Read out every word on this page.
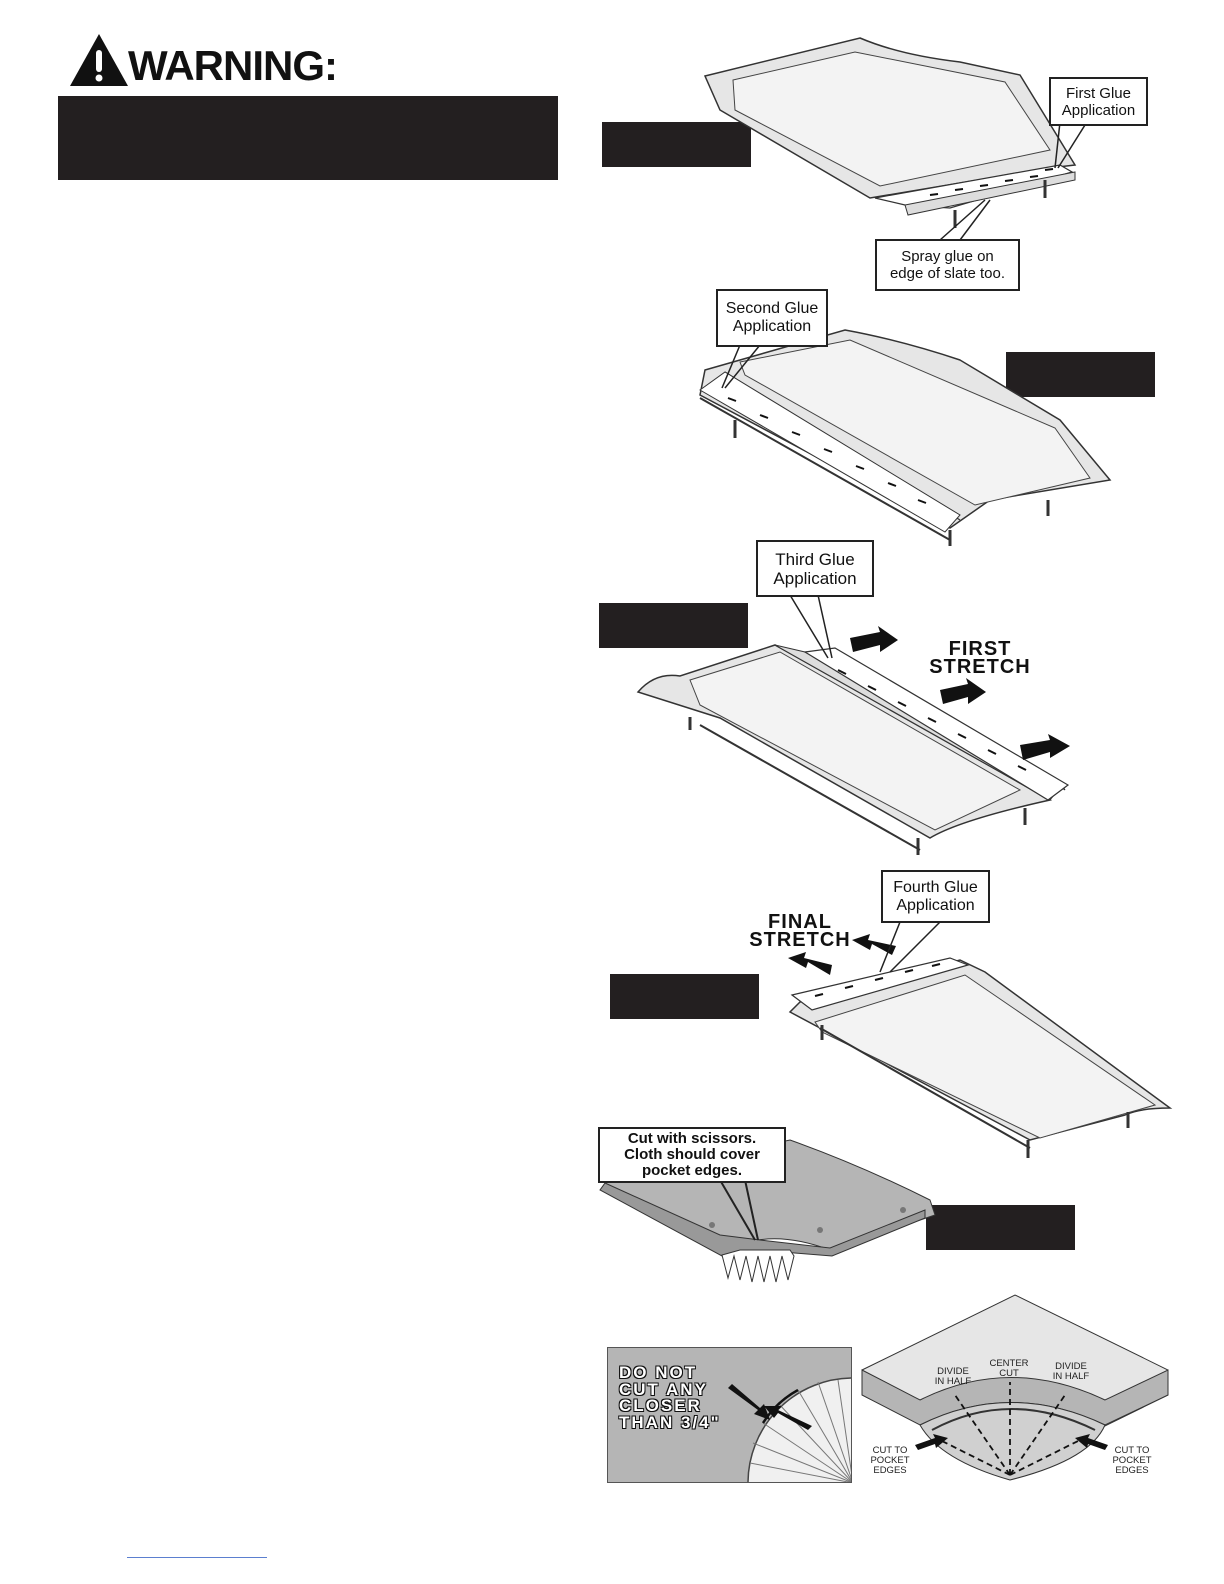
WARNING:
First Glue
Application
Spray glue on
edge of slate too.
Second Glue
Application
Third Glue
Application
FIRST
STRETCH
Fourth Glue
Application
FINAL
STRETCH
Cut with scissors.
Cloth should cover
pocket edges.
DO NOT
CUT ANY
CLOSER
THAN 3/4"
DIVIDE
IN HALF
CENTER
CUT
DIVIDE
IN HALF
CUT TO
POCKET
EDGES
CUT TO
POCKET
EDGES
